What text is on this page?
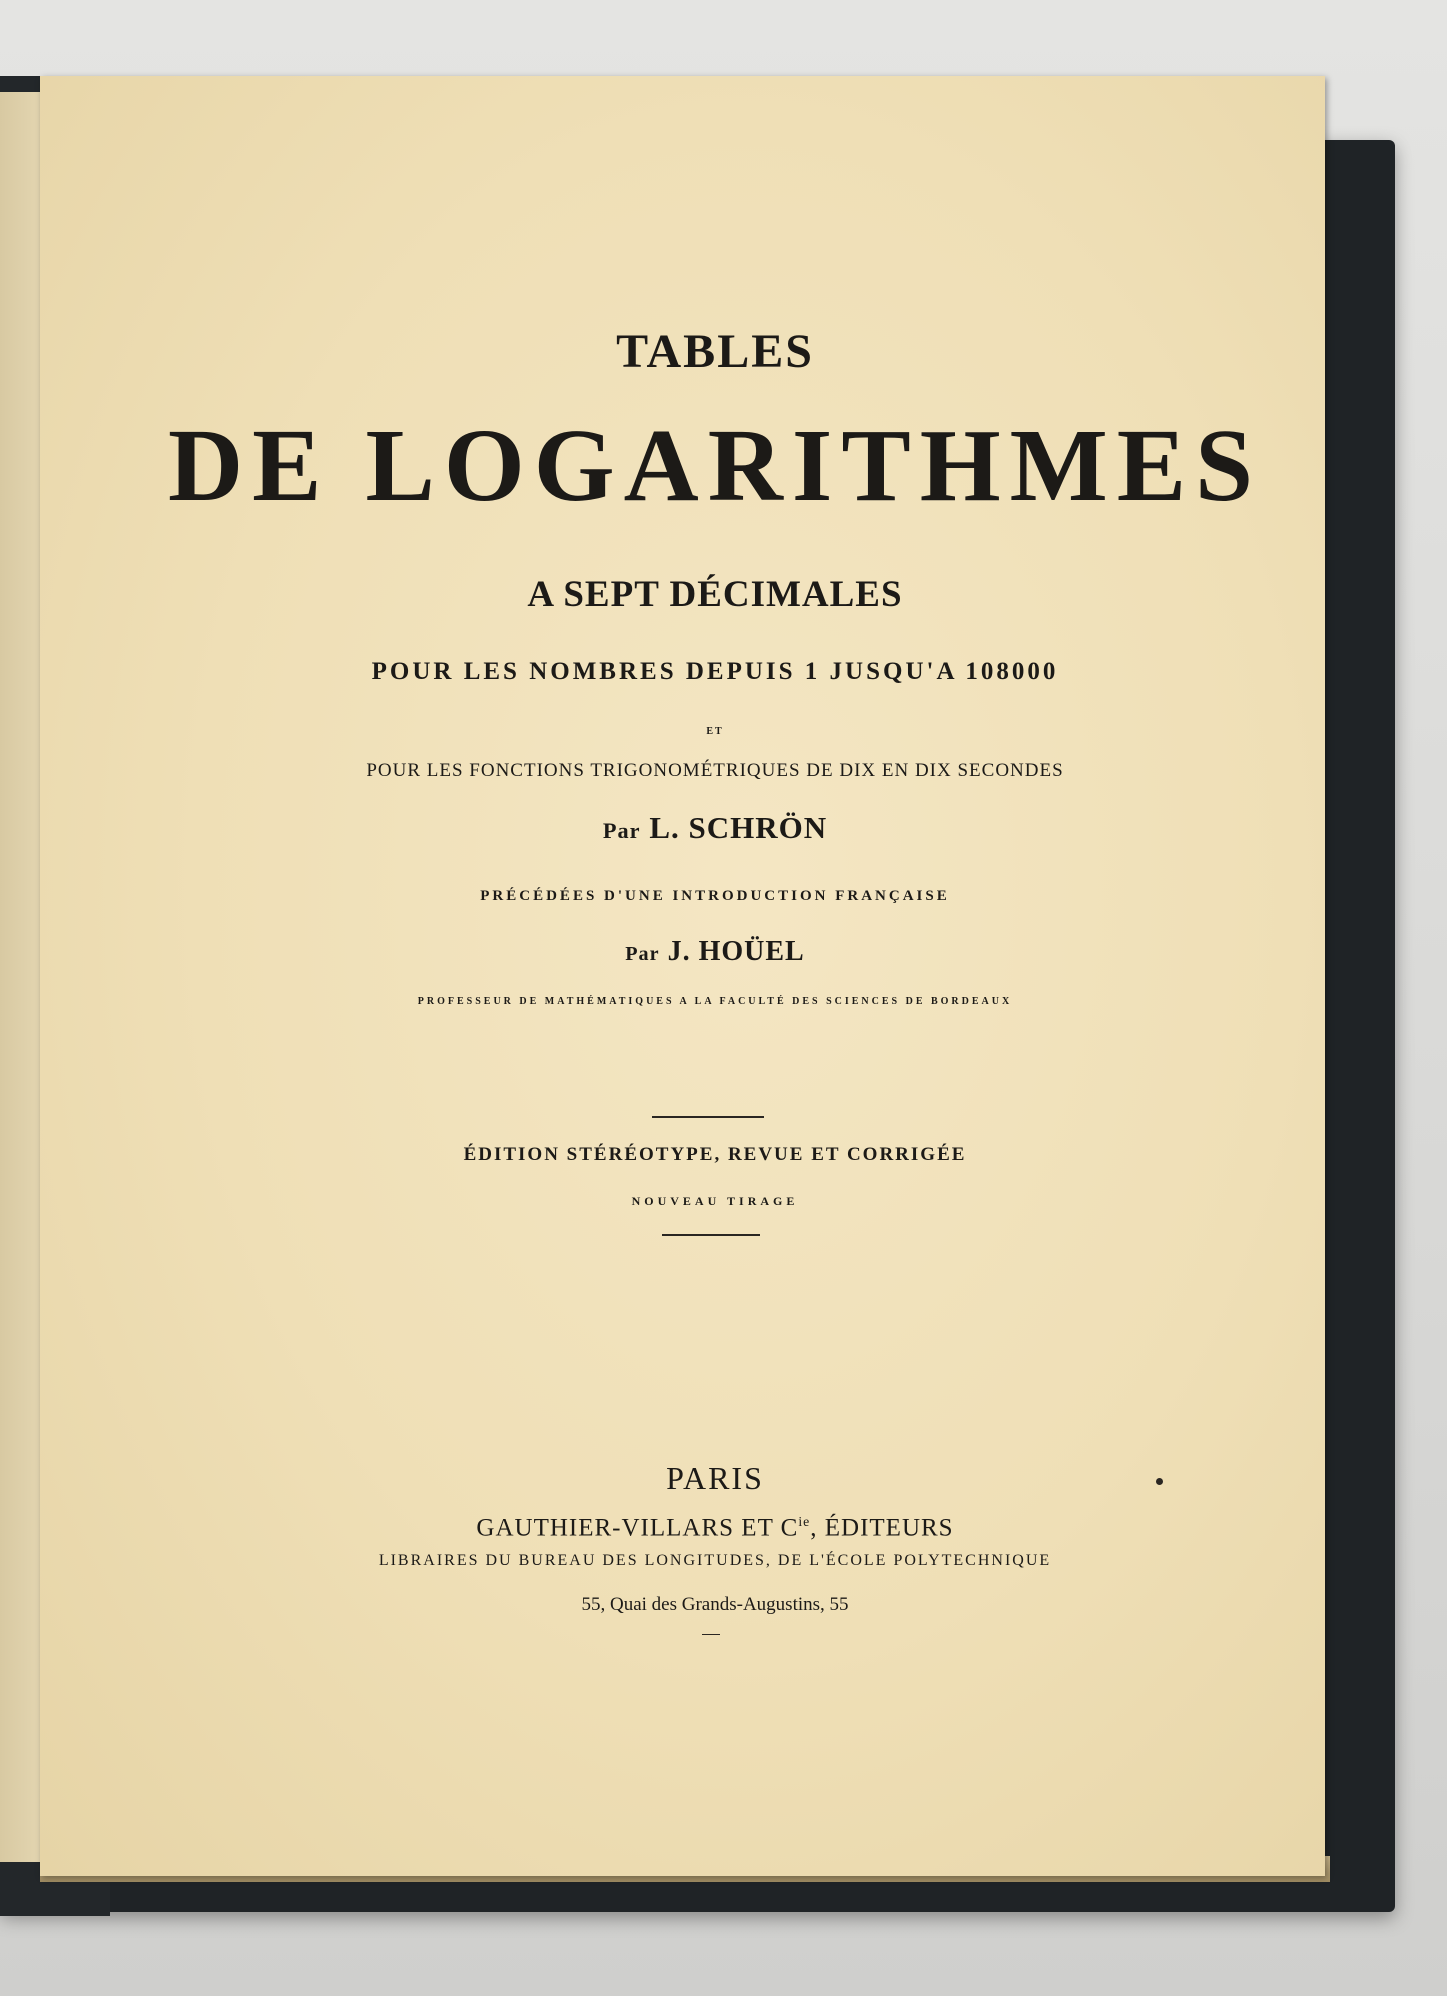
TABLES
DE LOGARITHMES
A SEPT DÉCIMALES
POUR LES NOMBRES DEPUIS 1 JUSQU'A 108000
ET
POUR LES FONCTIONS TRIGONOMÉTRIQUES DE DIX EN DIX SECONDES
Par L. SCHRÖN
PRÉCÉDÉES D'UNE INTRODUCTION FRANÇAISE
Par J. HOÜEL
PROFESSEUR DE MATHÉMATIQUES A LA FACULTÉ DES SCIENCES DE BORDEAUX
ÉDITION STÉRÉOTYPE, REVUE ET CORRIGÉE
NOUVEAU TIRAGE
PARIS
GAUTHIER-VILLARS ET $C^{ie}$, ÉDITEURS
LIBRAIRES DU BUREAU DES LONGITUDES, DE L'ÉCOLE POLYTECHNIQUE
55, Quai des Grands-Augustins, 55
